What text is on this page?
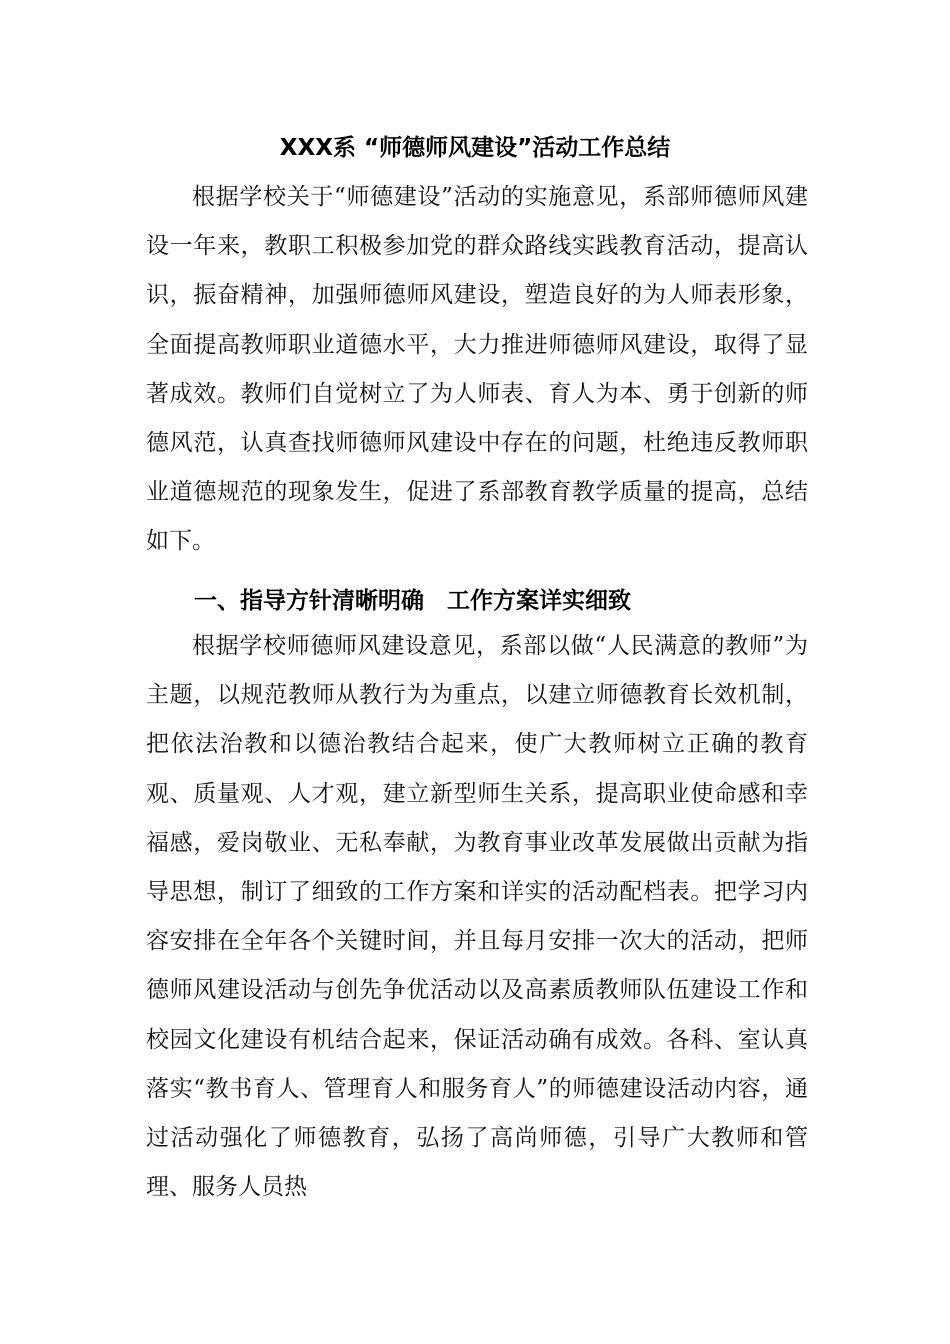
XXX系 “师德师风建设”活动工作总结

根据学校关于“师德建设”活动的实施意见，系部师德师风建设一年来，教职工积极参加党的群众路线实践教育活动，提高认识，振奋精神，加强师德师风建设，塑造良好的为人师表形象，全面提高教师职业道德水平，大力推进师德师风建设，取得了显著成效。教师们自觉树立了为人师表、育人为本、勇于创新的师德风范，认真查找师德师风建设中存在的问题，杜绝违反教师职业道德规范的现象发生，促进了系部教育教学质量的提高，总结如下。

一、指导方针清晰明确　工作方案详实细致

根据学校师德师风建设意见，系部以做“人民满意的教师”为主题，以规范教师从教行为为重点，以建立师德教育长效机制，把依法治教和以德治教结合起来，使广大教师树立正确的教育观、质量观、人才观，建立新型师生关系，提高职业使命感和幸福感，爱岗敬业、无私奉献，为教育事业改革发展做出贡献为指导思想，制订了细致的工作方案和详实的活动配档表。把学习内容安排在全年各个关键时间，并且每月安排一次大的活动，把师德师风建设活动与创先争优活动以及高素质教师队伍建设工作和校园文化建设有机结合起来，保证活动确有成效。各科、室认真落实“教书育人、管理育人和服务育人”的师德建设活动内容，通过活动强化了师德教育，弘扬了高尚师德，引导广大教师和管理、服务人员热
